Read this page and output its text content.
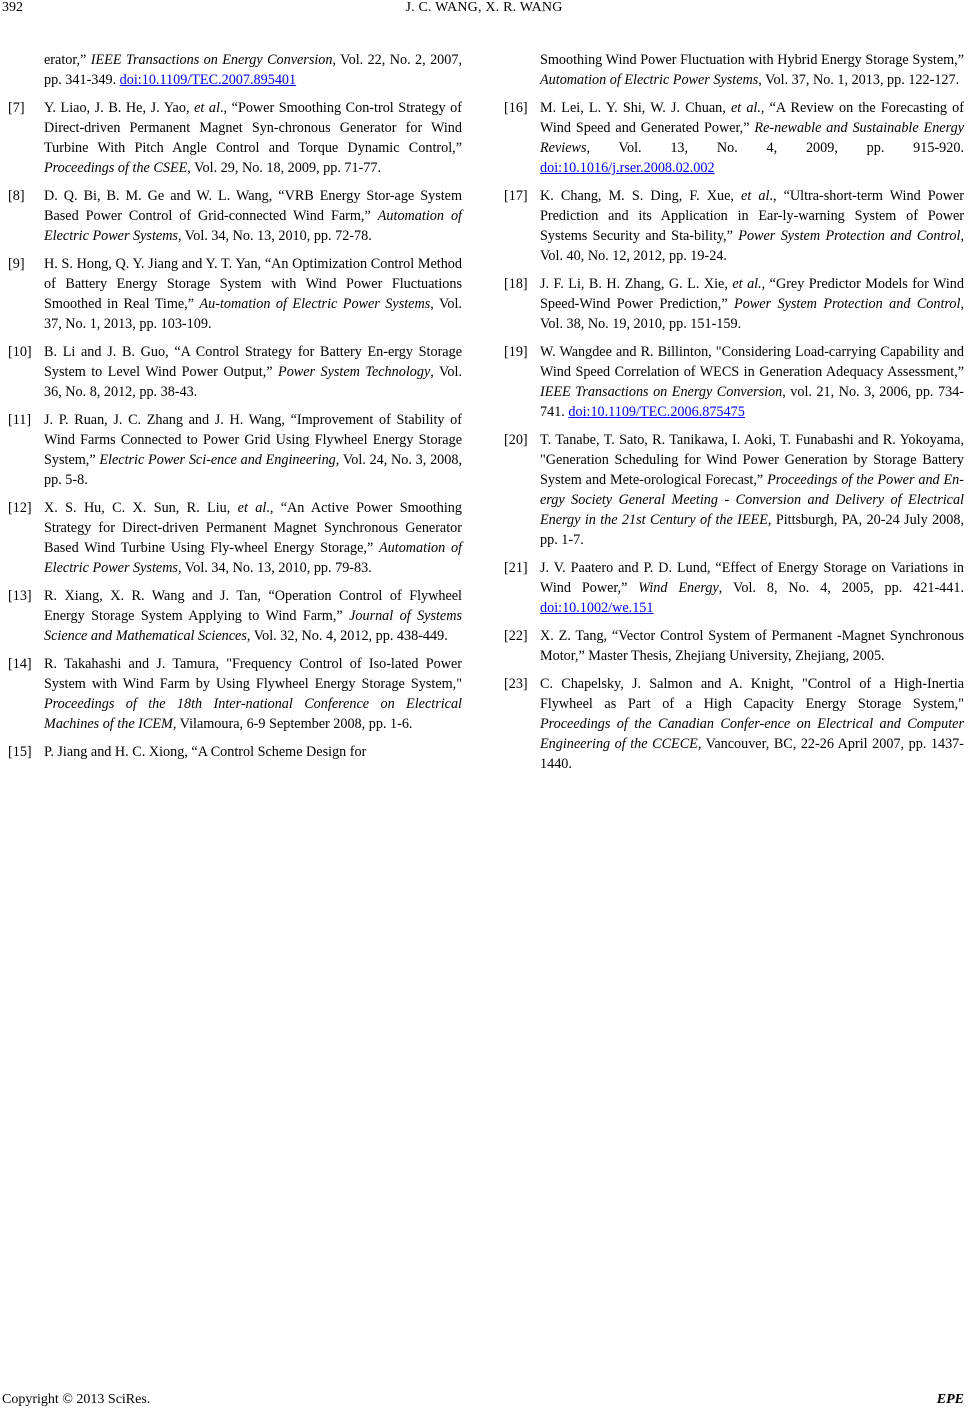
392	J. C. WANG, X. R. WANG
erator,” IEEE Transactions on Energy Conversion, Vol. 22, No. 2, 2007, pp. 341-349. doi:10.1109/TEC.2007.895401
[7] Y. Liao, J. B. He, J. Yao, et al., “Power Smoothing Con-trol Strategy of Direct-driven Permanent Magnet Syn-chronous Generator for Wind Turbine With Pitch Angle Control and Torque Dynamic Control,” Proceedings of the CSEE, Vol. 29, No. 18, 2009, pp. 71-77.
[8] D. Q. Bi, B. M. Ge and W. L. Wang, “VRB Energy Stor-age System Based Power Control of Grid-connected Wind Farm,” Automation of Electric Power Systems, Vol. 34, No. 13, 2010, pp. 72-78.
[9] H. S. Hong, Q. Y. Jiang and Y. T. Yan, “An Optimization Control Method of Battery Energy Storage System with Wind Power Fluctuations Smoothed in Real Time,” Au-tomation of Electric Power Systems, Vol. 37, No. 1, 2013, pp. 103-109.
[10] B. Li and J. B. Guo, “A Control Strategy for Battery En-ergy Storage System to Level Wind Power Output,” Power System Technology, Vol. 36, No. 8, 2012, pp. 38-43.
[11] J. P. Ruan, J. C. Zhang and J. H. Wang, “Improvement of Stability of Wind Farms Connected to Power Grid Using Flywheel Energy Storage System,” Electric Power Sci-ence and Engineering, Vol. 24, No. 3, 2008, pp. 5-8.
[12] X. S. Hu, C. X. Sun, R. Liu, et al., “An Active Power Smoothing Strategy for Direct-driven Permanent Magnet Synchronous Generator Based Wind Turbine Using Fly-wheel Energy Storage,” Automation of Electric Power Systems, Vol. 34, No. 13, 2010, pp. 79-83.
[13] R. Xiang, X. R. Wang and J. Tan, “Operation Control of Flywheel Energy Storage System Applying to Wind Farm,” Journal of Systems Science and Mathematical Sciences, Vol. 32, No. 4, 2012, pp. 438-449.
[14] R. Takahashi and J. Tamura, "Frequency Control of Iso-lated Power System with Wind Farm by Using Flywheel Energy Storage System," Proceedings of the 18th Inter-national Conference on Electrical Machines of the ICEM, Vilamoura, 6-9 September 2008, pp. 1-6.
[15] P. Jiang and H. C. Xiong, “A Control Scheme Design for
Smoothing Wind Power Fluctuation with Hybrid Energy Storage System,” Automation of Electric Power Systems, Vol. 37, No. 1, 2013, pp. 122-127.
[16] M. Lei, L. Y. Shi, W. J. Chuan, et al., “A Review on the Forecasting of Wind Speed and Generated Power,” Re-newable and Sustainable Energy Reviews, Vol. 13, No. 4, 2009, pp. 915-920. doi:10.1016/j.rser.2008.02.002
[17] K. Chang, M. S. Ding, F. Xue, et al., “Ultra-short-term Wind Power Prediction and its Application in Ear-ly-warning System of Power Systems Security and Sta-bility,” Power System Protection and Control, Vol. 40, No. 12, 2012, pp. 19-24.
[18] J. F. Li, B. H. Zhang, G. L. Xie, et al., “Grey Predictor Models for Wind Speed-Wind Power Prediction,” Power System Protection and Control, Vol. 38, No. 19, 2010, pp. 151-159.
[19] W. Wangdee and R. Billinton, "Considering Load-carrying Capability and Wind Speed Correlation of WECS in Generation Adequacy Assessment,” IEEE Transactions on Energy Conversion, vol. 21, No. 3, 2006, pp. 734-741. doi:10.1109/TEC.2006.875475
[20] T. Tanabe, T. Sato, R. Tanikawa, I. Aoki, T. Funabashi and R. Yokoyama, "Generation Scheduling for Wind Power Generation by Storage Battery System and Mete-orological Forecast,” Proceedings of the Power and En-ergy Society General Meeting - Conversion and Delivery of Electrical Energy in the 21st Century of the IEEE, Pittsburgh, PA, 20-24 July 2008, pp. 1-7.
[21] J. V. Paatero and P. D. Lund, “Effect of Energy Storage on Variations in Wind Power,” Wind Energy, Vol. 8, No. 4, 2005, pp. 421-441. doi:10.1002/we.151
[22] X. Z. Tang, “Vector Control System of Permanent -Magnet Synchronous Motor,” Master Thesis, Zhejiang University, Zhejiang, 2005.
[23] C. Chapelsky, J. Salmon and A. Knight, "Control of a High-Inertia Flywheel as Part of a High Capacity Energy Storage System," Proceedings of the Canadian Confer-ence on Electrical and Computer Engineering of the CCECE, Vancouver, BC, 22-26 April 2007, pp. 1437-1440.
Copyright © 2013 SciRes.	EPE
